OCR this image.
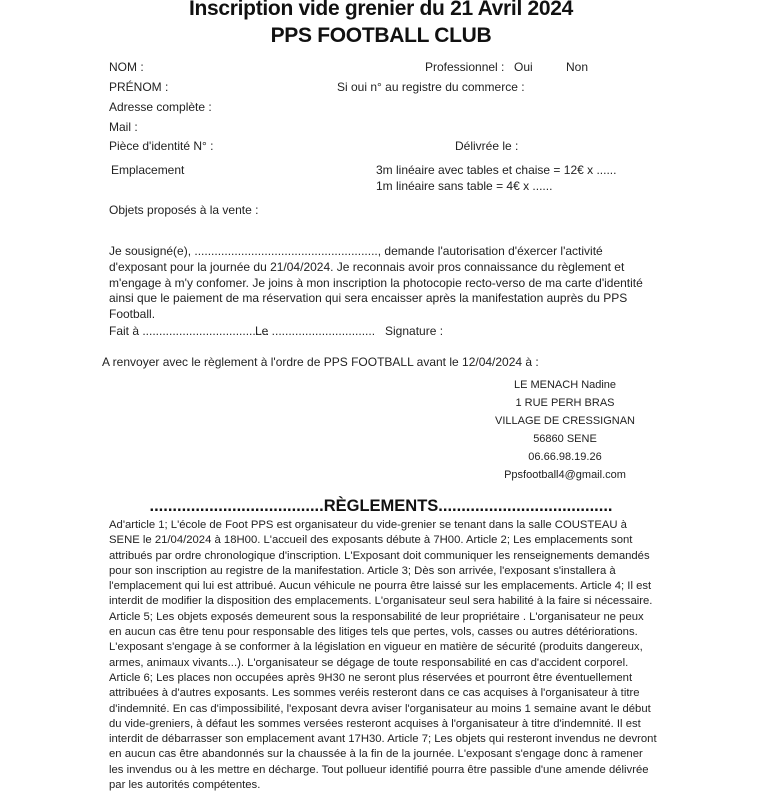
Inscription vide grenier du 21 Avril 2024
PPS FOOTBALL CLUB
NOM :	Professionnel : Oui	Non
PRÉNOM :	Si oui n° au registre du commerce :
Adresse complète :
Mail :
Pièce d'identité N° :	Délivrée le :
Emplacement	3m linéaire avec tables et chaise = 12€ x ......
1m linéaire sans table = 4€ x ......
Objets proposés à la vente :
Je sousigné(e), ......................................................., demande l'autorisation d'éxercer l'activité d'exposant pour la journée du 21/04/2024. Je reconnais avoir pros connaissance du règlement et m'engage à m'y confomer. Je joins à mon inscription la photocopie recto-verso de ma carte d'identité ainsi que le paiement de ma réservation qui sera encaisser après la manifestation auprès du PPS Football.
Fait à ......................................
Le ............................... Signature :
A renvoyer avec le règlement à l'ordre de PPS FOOTBALL avant le 12/04/2024 à :
LE MENACH Nadine
1 RUE PERH BRAS
VILLAGE DE CRESSIGNAN
56860 SENE
06.66.98.19.26
Ppsfootball4@gmail.com
......................................RÈGLEMENTS......................................
Ad'article 1; L'école de Foot PPS est organisateur du vide-grenier se tenant dans la salle COUSTEAU à SENE le 21/04/2024 à 18H00. L'accueil des exposants débute à 7H00. Article 2; Les emplacements sont attribués par ordre chronologique d'inscription. L'Exposant doit communiquer les renseignements demandés pour son inscription au registre de la manifestation. Article 3; Dès son arrivée, l'exposant s'installera à l'emplacement qui lui est attribué. Aucun véhicule ne pourra être laissé sur les emplacements. Article 4; Il est interdit de modifier la disposition des emplacements. L'organisateur seul sera habilité à la faire si nécessaire. Article 5; Les objets exposés demeurent sous la responsabilité de leur propriétaire . L'organisateur ne peux en aucun cas être tenu pour responsable des litiges tels que pertes, vols, casses ou autres détériorations. L'exposant s'engage à se conformer à la législation en vigueur en matière de sécurité (produits dangereux, armes, animaux vivants...). L'organisateur se dégage de toute responsabilité en cas d'accident corporel. Article 6; Les places non occupées après 9H30 ne seront plus réservées et pourront être éventuellement attribuées à d'autres exposants. Les sommes veréis resteront dans ce cas acquises à l'organisateur à titre d'indemnité. En cas d'impossibilité, l'exposant devra aviser l'organisateur au moins 1 semaine avant le début du vide-greniers, à défaut les sommes versées resteront acquises à l'organisateur à titre d'indemnité. Il est interdit de débarrasser son emplacement avant 17H30. Article 7; Les objets qui resteront invendus ne devront en aucun cas être abandonnés sur la chaussée à la fin de la journée. L'exposant s'engage donc à ramener les invendus ou à les mettre en décharge. Tout pollueur identifié pourra être passible d'une amende délivrée par les autorités compétentes.
